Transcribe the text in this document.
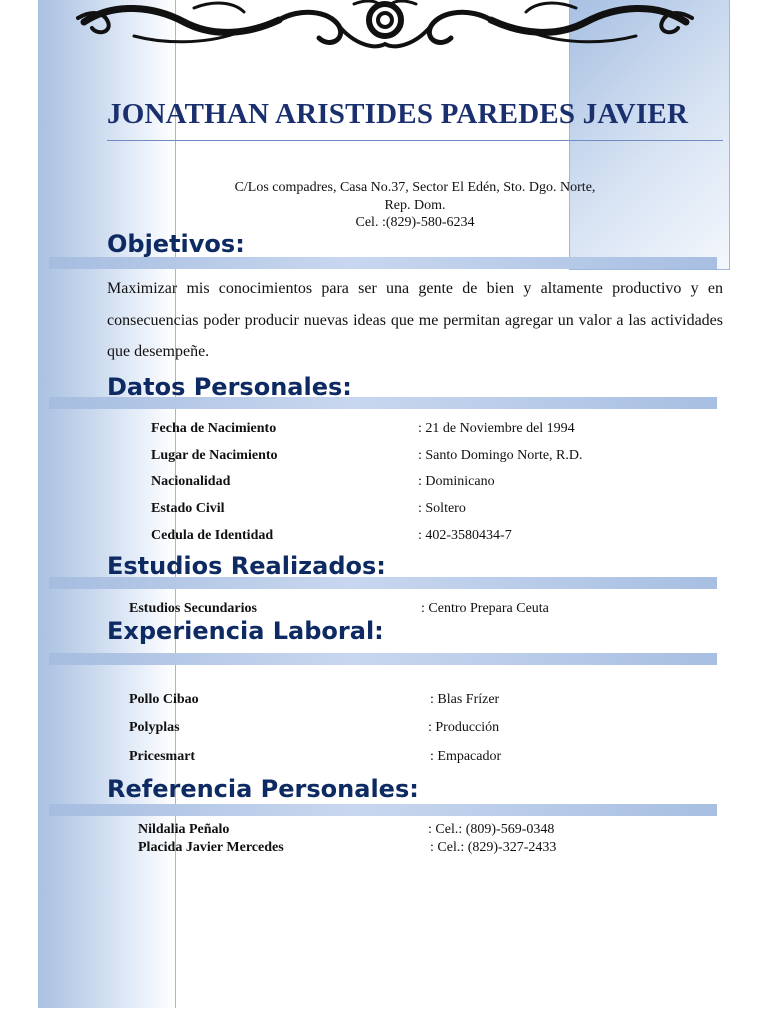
JONATHAN ARISTIDES PAREDES JAVIER
C/Los compadres, Casa No.37, Sector El Edén, Sto. Dgo. Norte,
Rep. Dom.
Cel. :(829)-580-6234
Objetivos:

Maximizar mis conocimientos para ser una gente de bien y altamente productivo y en consecuencias poder producir nuevas ideas que me permitan agregar un valor a las actividades que desempeñe.

Datos Personales:
Fecha de Nacimiento	: 21 de Noviembre del 1994
Lugar de Nacimiento	: Santo Domingo Norte, R.D.
Nacionalidad	: Dominicano
Estado Civil	: Soltero
Cedula de Identidad	: 402-3580434-7
Estudios Realizados:
Estudios Secundarios	: Centro Prepara Ceuta
Experiencia Laboral:
Pollo Cibao	: Blas Frízer
Polyplas	: Producción
Pricesmart	: Empacador
Referencia Personales:
Nildalia Peñalo	: Cel.: (809)-569-0348
Placida Javier Mercedes	: Cel.: (829)-327-2433
